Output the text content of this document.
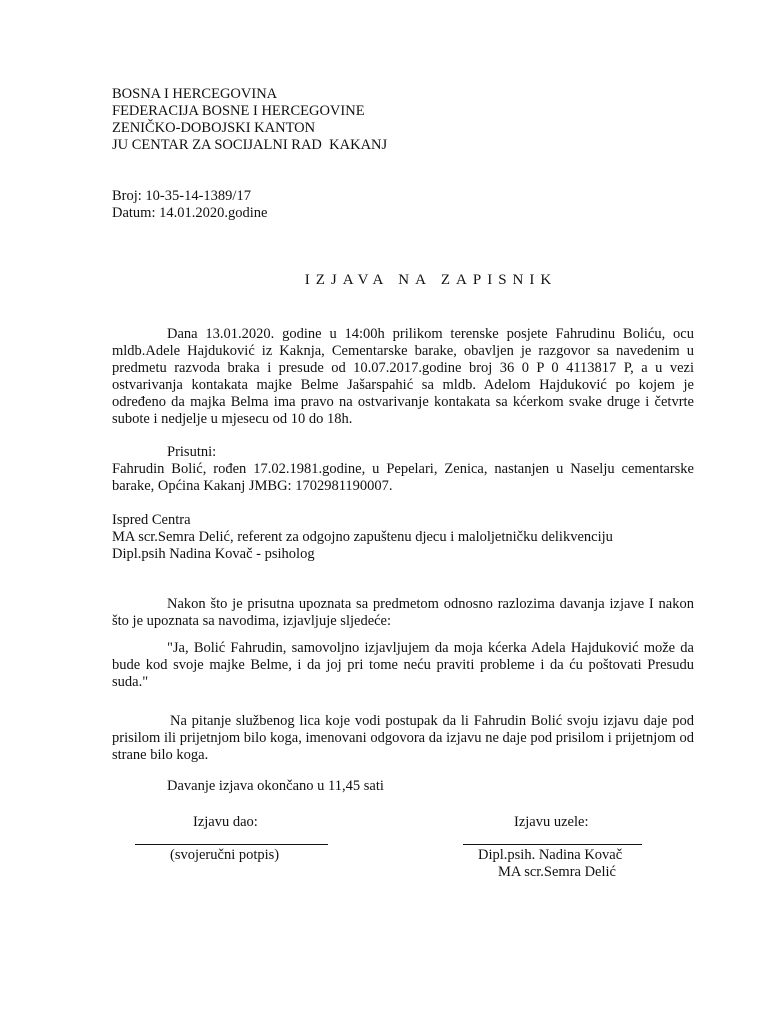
BOSNA I HERCEGOVINA
FEDERACIJA BOSNE I HERCEGOVINE
ZENIČKO-DOBOJSKI KANTON
JU CENTAR ZA SOCIJALNI RAD  KAKANJ
Broj: 10-35-14-1389/17
Datum: 14.01.2020.godine
IZJAVA NA ZAPISNIK
Dana 13.01.2020. godine u 14:00h prilikom terenske posjete Fahrudinu Boliću, ocu mldb.Adele Hajduković iz Kaknja, Cementarske barake, obavljen je razgovor sa navedenim u predmetu razvoda braka i presude od 10.07.2017.godine broj 36 0 P 0 4113817 P, a u vezi ostvarivanja kontakata majke Belme Jašarspahić sa mldb. Adelom Hajduković po kojem je određeno da majka Belma ima pravo na ostvarivanje kontakata sa kćerkom svake druge i četvrte subote i nedjelje u mjesecu od 10 do 18h.
Prisutni:
Fahrudin Bolić, rođen 17.02.1981.godine, u Pepelari, Zenica, nastanjen u Naselju cementarske barake, Općina Kakanj JMBG: 1702981190007.
Ispred Centra
MA scr.Semra Delić, referent za odgojno zapuštenu djecu i maloljetničku delikvenciju
Dipl.psih Nadina Kovač - psiholog
Nakon što je prisutna upoznata sa predmetom odnosno razlozima davanja izjave I nakon što je upoznata sa navodima, izjavljuje sljedeće:
"Ja, Bolić Fahrudin, samovoljno izjavljujem da moja kćerka Adela Hajduković može da bude kod svoje majke Belme, i da joj pri tome neću praviti probleme i da ću poštovati Presudu suda."
Na pitanje službenog lica koje vodi postupak da li Fahrudin Bolić svoju izjavu daje pod prisilom ili prijetnjom bilo koga, imenovani odgovora da izjavu ne daje pod prisilom i prijetnjom od strane bilo koga.
Davanje izjava okončano u 11,45 sati
Izjavu dao:
(svojeručni potpis)
Izjavu uzele:
Dipl.psih. Nadina Kovač
MA scr.Semra Delić
